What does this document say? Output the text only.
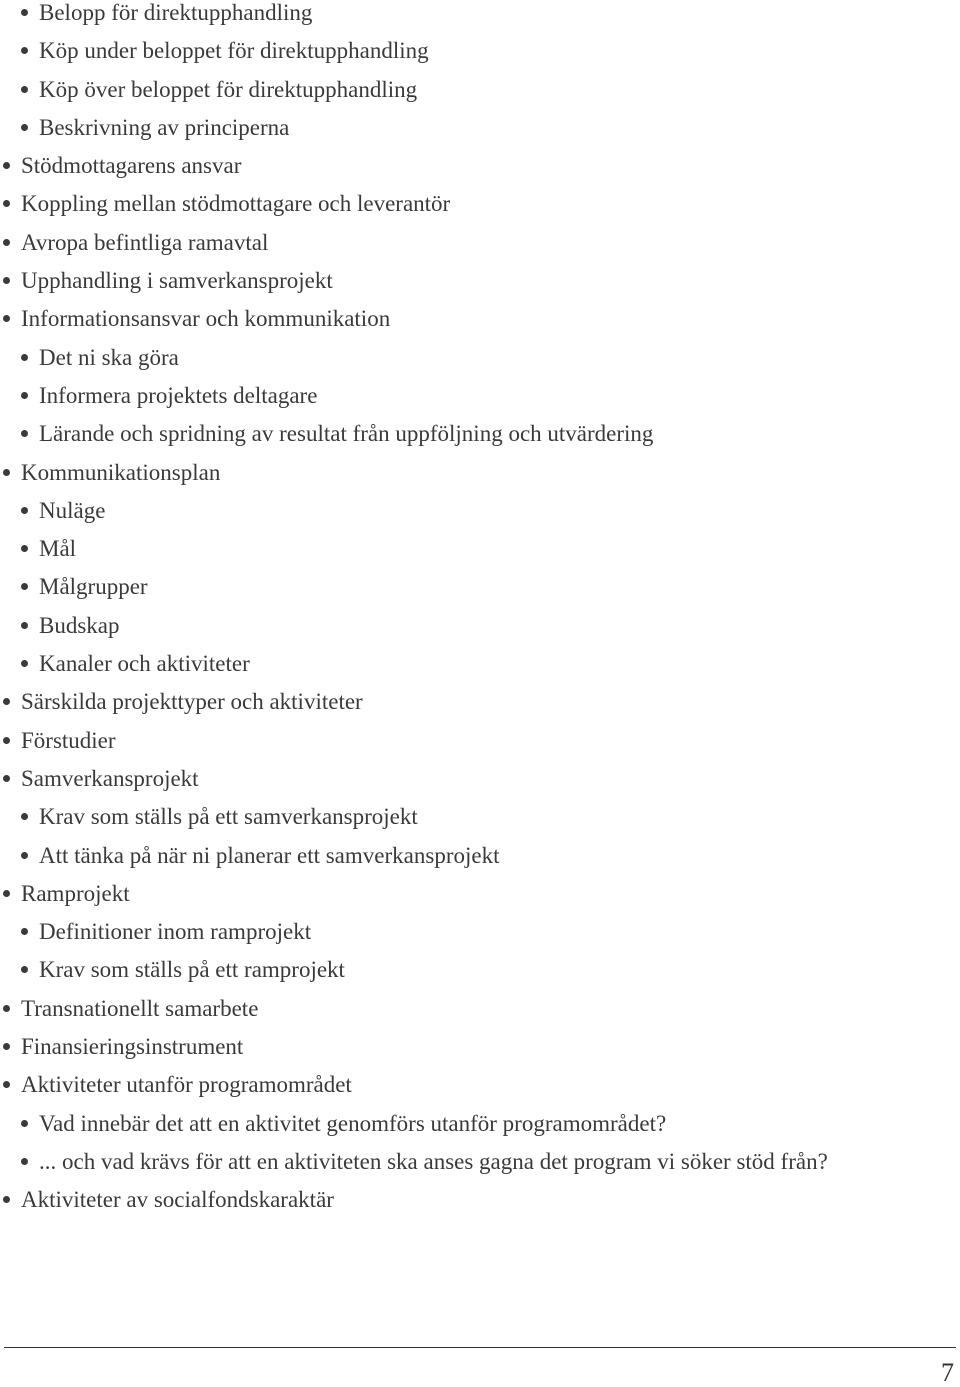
Belopp för direktupphandling
Köp under beloppet för direktupphandling
Köp över beloppet för direktupphandling
Beskrivning av principerna
Stödmottagarens ansvar
Koppling mellan stödmottagare och leverantör
Avropa befintliga ramavtal
Upphandling i samverkansprojekt
Informationsansvar och kommunikation
Det ni ska göra
Informera projektets deltagare
Lärande och spridning av resultat från uppföljning och utvärdering
Kommunikationsplan
Nuläge
Mål
Målgrupper
Budskap
Kanaler och aktiviteter
Särskilda projekttyper och aktiviteter
Förstudier
Samverkansprojekt
Krav som ställs på ett samverkansprojekt
Att tänka på när ni planerar ett samverkansprojekt
Ramprojekt
Definitioner inom ramprojekt
Krav som ställs på ett ramprojekt
Transnationellt samarbete
Finansieringsinstrument
Aktiviteter utanför programområdet
Vad innebär det att en aktivitet genomförs utanför programområdet?
... och vad krävs för att en aktiviteten ska anses gagna det program vi söker stöd från?
Aktiviteter av socialfondskaraktär
7
